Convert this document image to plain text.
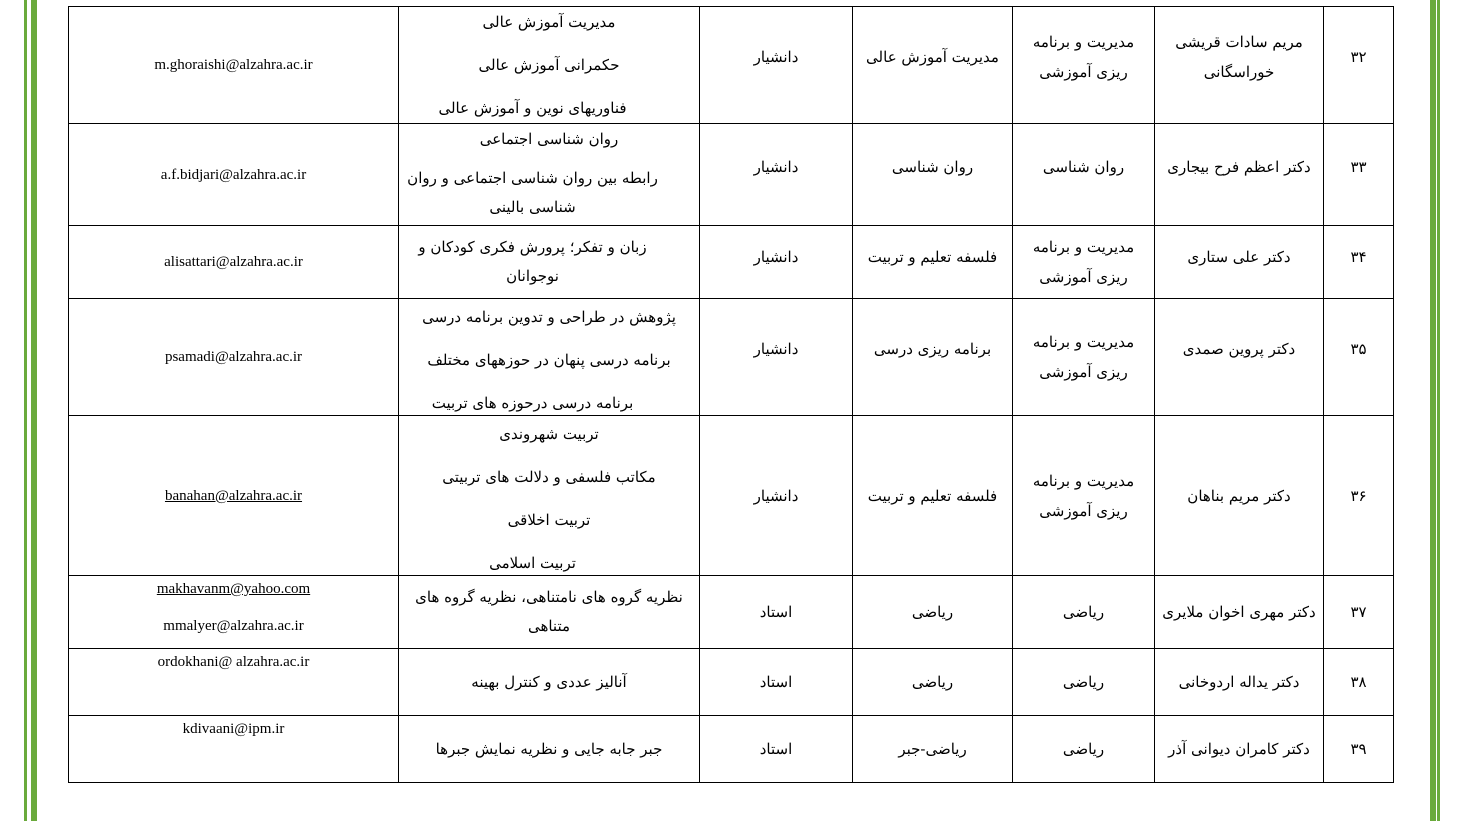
۳۲	مریم سادات قریشی خوراسگانی	مدیریت و برنامه ریزی آموزشی	مدیریت آموزش عالی	دانشیار	مدیریت آموزش عالی
حکمرانی آموزش عالی
فناوریهای نوین و آموزش عالی	m.ghoraishi@alzahra.ac.ir

۳۳	دکتر اعظم فرح بیجاری	روان شناسی	روان شناسی	دانشیار	روان شناسی اجتماعی
رابطه بین روان شناسی اجتماعی و روان شناسی بالینی	a.f.bidjari@alzahra.ac.ir

۳۴	دکتر علی ستاری	مدیریت و برنامه ریزی آموزشی	فلسفه تعلیم و تربیت	دانشیار	زبان و تفکر؛ پرورش فکری کودکان و نوجوانان	alisattari@alzahra.ac.ir

۳۵	دکتر پروین صمدی	مدیریت و برنامه ریزی آموزشی	برنامه ریزی درسی	دانشیار	پژوهش در طراحی و تدوین برنامه درسی
برنامه درسی پنهان در حوزههای مختلف
برنامه درسی درحوزه های تربیت	psamadi@alzahra.ac.ir

۳۶	دکتر مریم بناهان	مدیریت و برنامه ریزی آموزشی	فلسفه تعلیم و تربیت	دانشیار	تربیت شهروندی
مکاتب فلسفی و دلالت های تربیتی
تربیت اخلاقی
تربیت اسلامی	banahan@alzahra.ac.ir

۳۷	دکتر مهری اخوان ملایری	ریاضی	ریاضی	استاد	نظریه گروه های نامتناهی، نظریه گروه های متناهی	makhavanm@yahoo.com
mmalyer@alzahra.ac.ir

۳۸	دکتر یداله اردوخانی	ریاضی	ریاضی	استاد	آنالیز عددی و کنترل بهینه	ordokhani@ alzahra.ac.ir

۳۹	دکتر کامران دیوانی آذر	ریاضی	ریاضی-جبر	استاد	جبر جابه جایی و نظریه نمایش جبرها	kdivaani@ipm.ir
